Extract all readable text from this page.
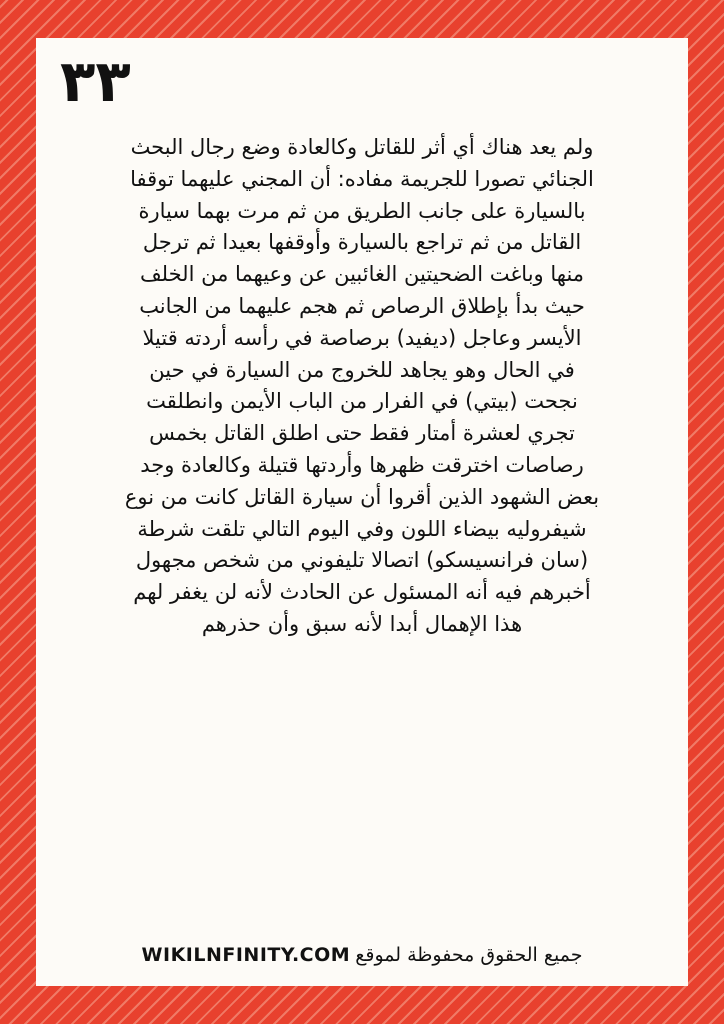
٣٣
ولم يعد هناك أي أثر للقاتل وكالعادة وضع رجال البحث
الجنائي تصورا للجريمة مفاده: أن المجني عليهما توقفا
بالسيارة على جانب الطريق من ثم مرت بهما سيارة
القاتل من ثم تراجع بالسيارة وأوقفها بعيدا ثم ترجل
منها وباغت الضحيتين الغائبين عن وعيهما من الخلف
حيث بدأ بإطلاق الرصاص ثم هجم عليهما من الجانب
الأيسر وعاجل (ديفيد) برصاصة في رأسه أردته قتيلا
في الحال وهو يجاهد للخروج من السيارة في حين
نجحت (بيتي) في الفرار من الباب الأيمن وانطلقت
تجري لعشرة أمتار فقط حتى اطلق القاتل بخمس
رصاصات اخترقت ظهرها وأردتها قتيلة وكالعادة وجد
بعض الشهود الذين أقروا أن سيارة القاتل كانت من نوع
شيفروليه بيضاء اللون وفي اليوم التالي تلقت شرطة
(سان فرانسيسكو) اتصالا تليفوني من شخص مجهول
أخبرهم فيه أنه المسئول عن الحادث لأنه لن يغفر لهم
هذا الإهمال أبدا لأنه سبق وأن حذرهم
جميع الحقوق محفوظة لموقع WIKILNFINITY.COM
